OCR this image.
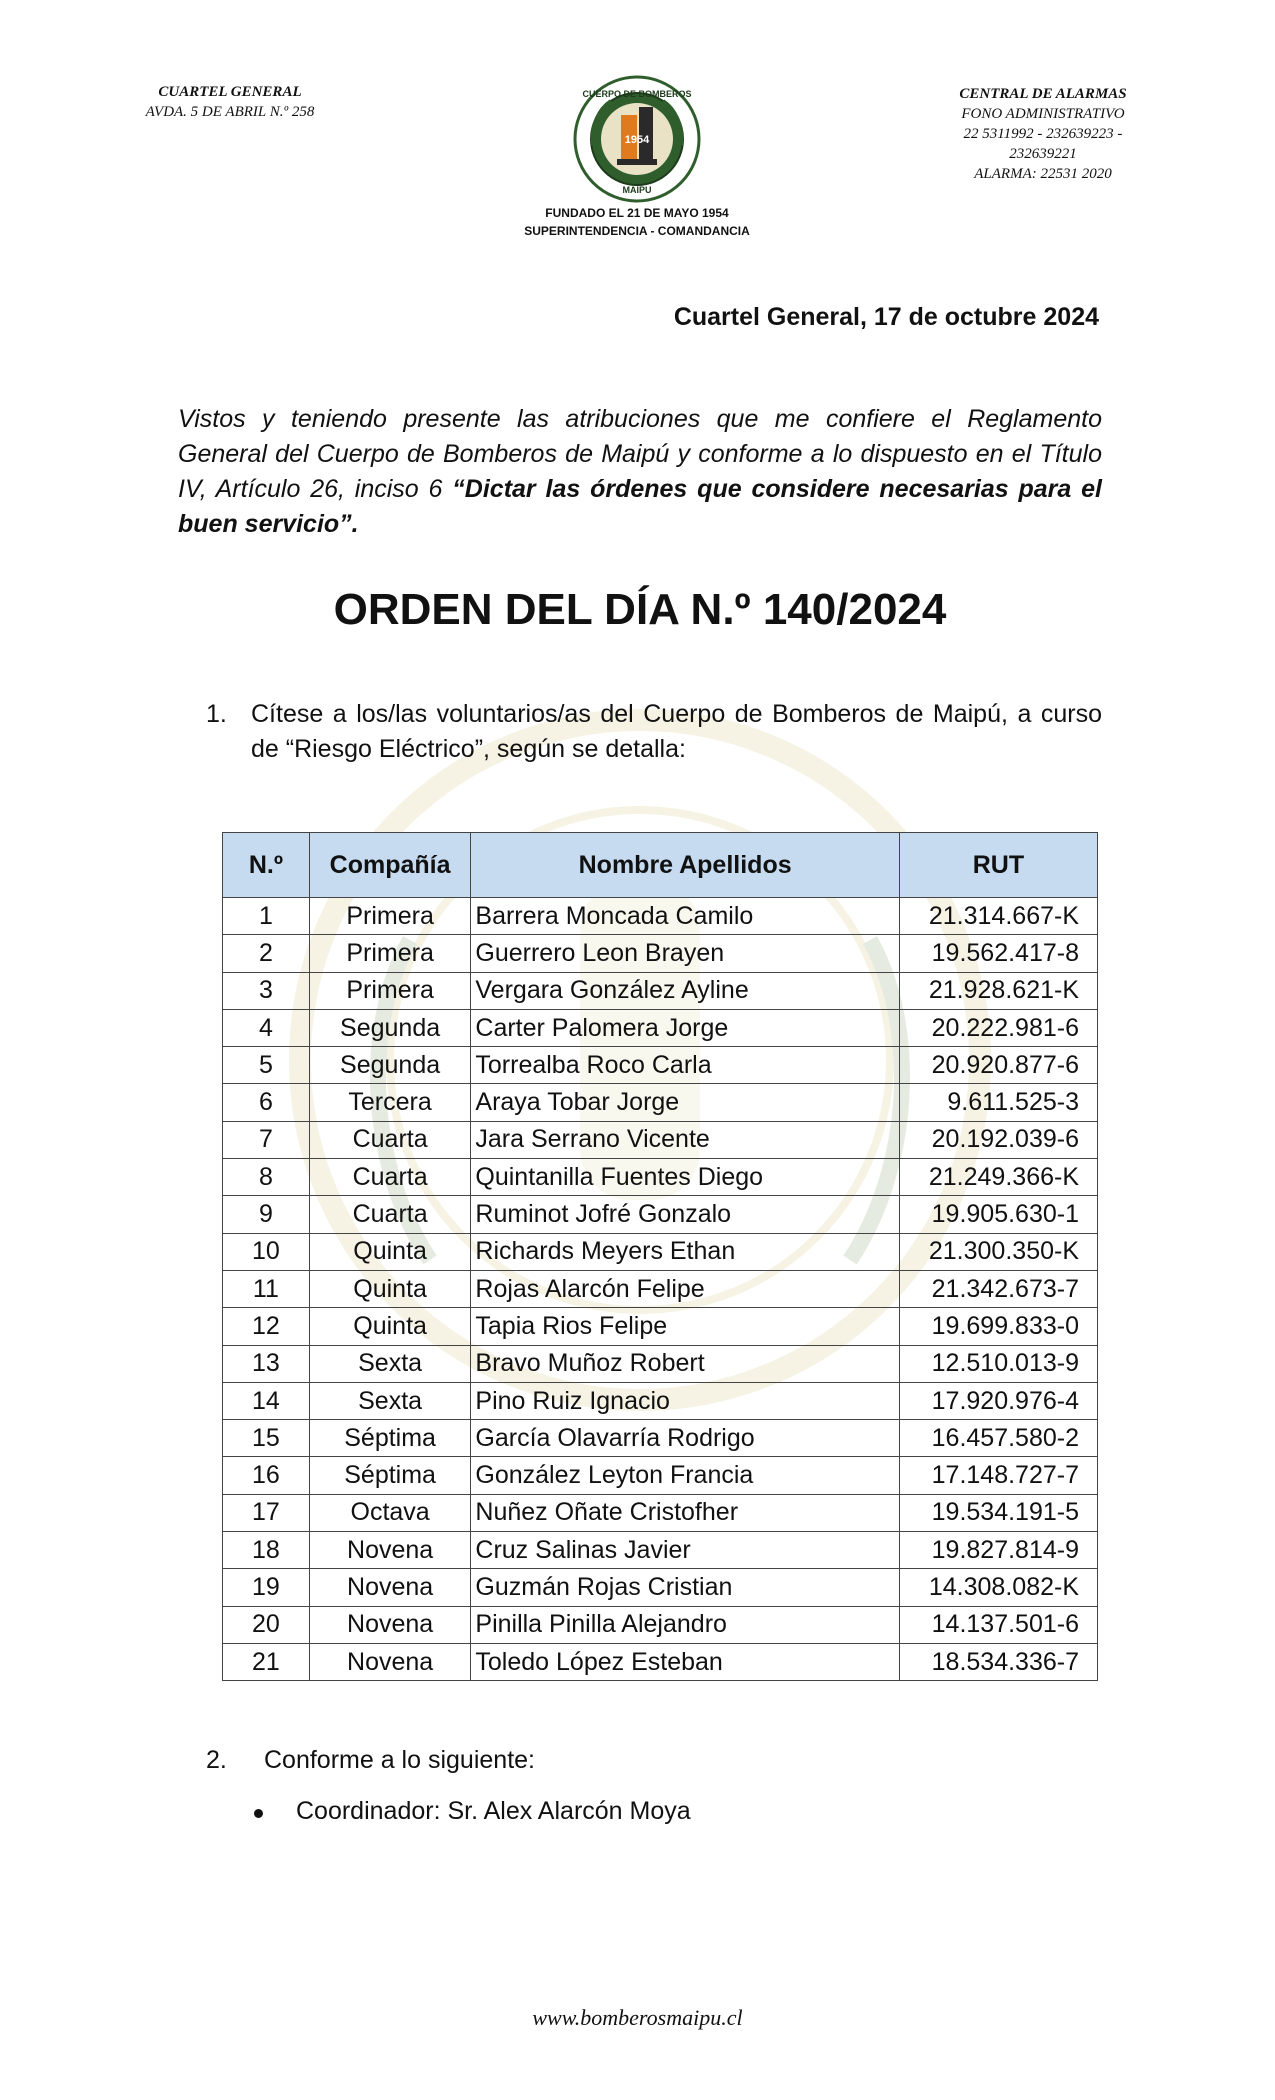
CUARTEL GENERAL
AVDA. 5 DE ABRIL N.º 258
CUERPO DE BOMBEROS
1954
MAIPU
FUNDADO EL 21 DE MAYO 1954
SUPERINTENDENCIA - COMANDANCIA
CENTRAL DE ALARMAS
FONO ADMINISTRATIVO
22 5311992 - 232639223 -
232639221
ALARMA: 22531 2020
Cuartel General, 17 de octubre 2024
Vistos y teniendo presente las atribuciones que me confiere el Reglamento General del Cuerpo de Bomberos de Maipú y conforme a lo dispuesto en el Título IV, Artículo 26, inciso 6 “Dictar las órdenes que considere necesarias para el buen servicio”.
ORDEN DEL DÍA N.º 140/2024
1. Cítese a los/las voluntarios/as del Cuerpo de Bomberos de Maipú, a curso de “Riesgo Eléctrico”, según se detalla:
N.º	Compañía	Nombre Apellidos	RUT
1	Primera	Barrera Moncada Camilo	21.314.667-K
2	Primera	Guerrero Leon Brayen	19.562.417-8
3	Primera	Vergara González Ayline	21.928.621-K
4	Segunda	Carter Palomera Jorge	20.222.981-6
5	Segunda	Torrealba Roco Carla	20.920.877-6
6	Tercera	Araya Tobar Jorge	9.611.525-3
7	Cuarta	Jara Serrano Vicente	20.192.039-6
8	Cuarta	Quintanilla Fuentes Diego	21.249.366-K
9	Cuarta	Ruminot Jofré Gonzalo	19.905.630-1
10	Quinta	Richards Meyers Ethan	21.300.350-K
11	Quinta	Rojas Alarcón Felipe	21.342.673-7
12	Quinta	Tapia Rios Felipe	19.699.833-0
13	Sexta	Bravo Muñoz Robert	12.510.013-9
14	Sexta	Pino Ruiz Ignacio	17.920.976-4
15	Séptima	García Olavarría Rodrigo	16.457.580-2
16	Séptima	González Leyton Francia	17.148.727-7
17	Octava	Nuñez Oñate Cristofher	19.534.191-5
18	Novena	Cruz Salinas Javier	19.827.814-9
19	Novena	Guzmán Rojas Cristian	14.308.082-K
20	Novena	Pinilla Pinilla Alejandro	14.137.501-6
21	Novena	Toledo López Esteban	18.534.336-7
2. Conforme a lo siguiente:
Coordinador: Sr. Alex Alarcón Moya
www.bomberosmaipu.cl
